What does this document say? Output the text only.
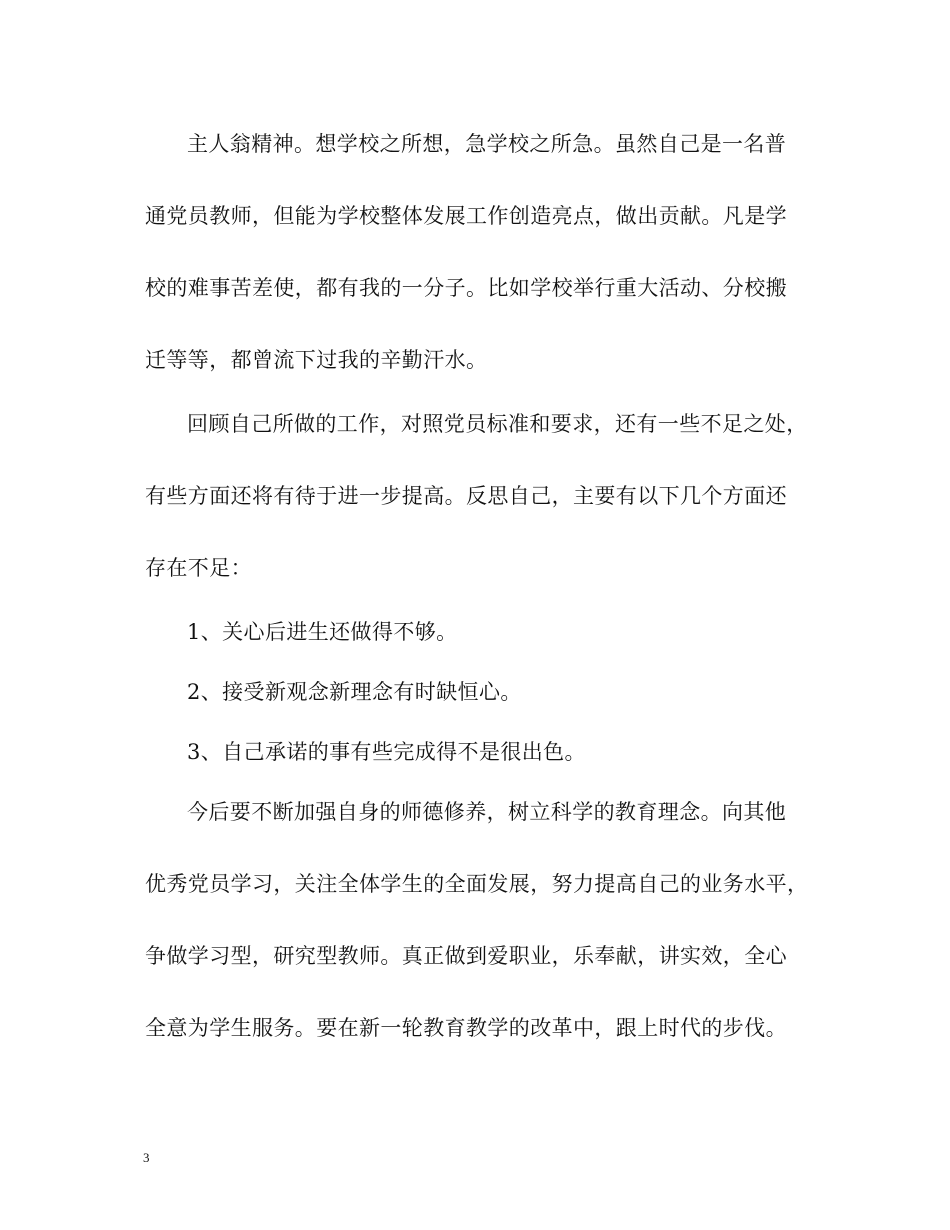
主人翁精神。想学校之所想，急学校之所急。虽然自己是一名普
通党员教师，但能为学校整体发展工作创造亮点，做出贡献。凡是学
校的难事苦差使，都有我的一分子。比如学校举行重大活动、分校搬
迁等等，都曾流下过我的辛勤汗水。
回顾自己所做的工作，对照党员标准和要求，还有一些不足之处，
有些方面还将有待于进一步提高。反思自己，主要有以下几个方面还
存在不足：
1、关心后进生还做得不够。
2、接受新观念新理念有时缺恒心。
3、自己承诺的事有些完成得不是很出色。
今后要不断加强自身的师德修养，树立科学的教育理念。向其他
优秀党员学习，关注全体学生的全面发展，努力提高自己的业务水平，
争做学习型，研究型教师。真正做到爱职业，乐奉献，讲实效，全心
全意为学生服务。要在新一轮教育教学的改革中，跟上时代的步伐。
3
